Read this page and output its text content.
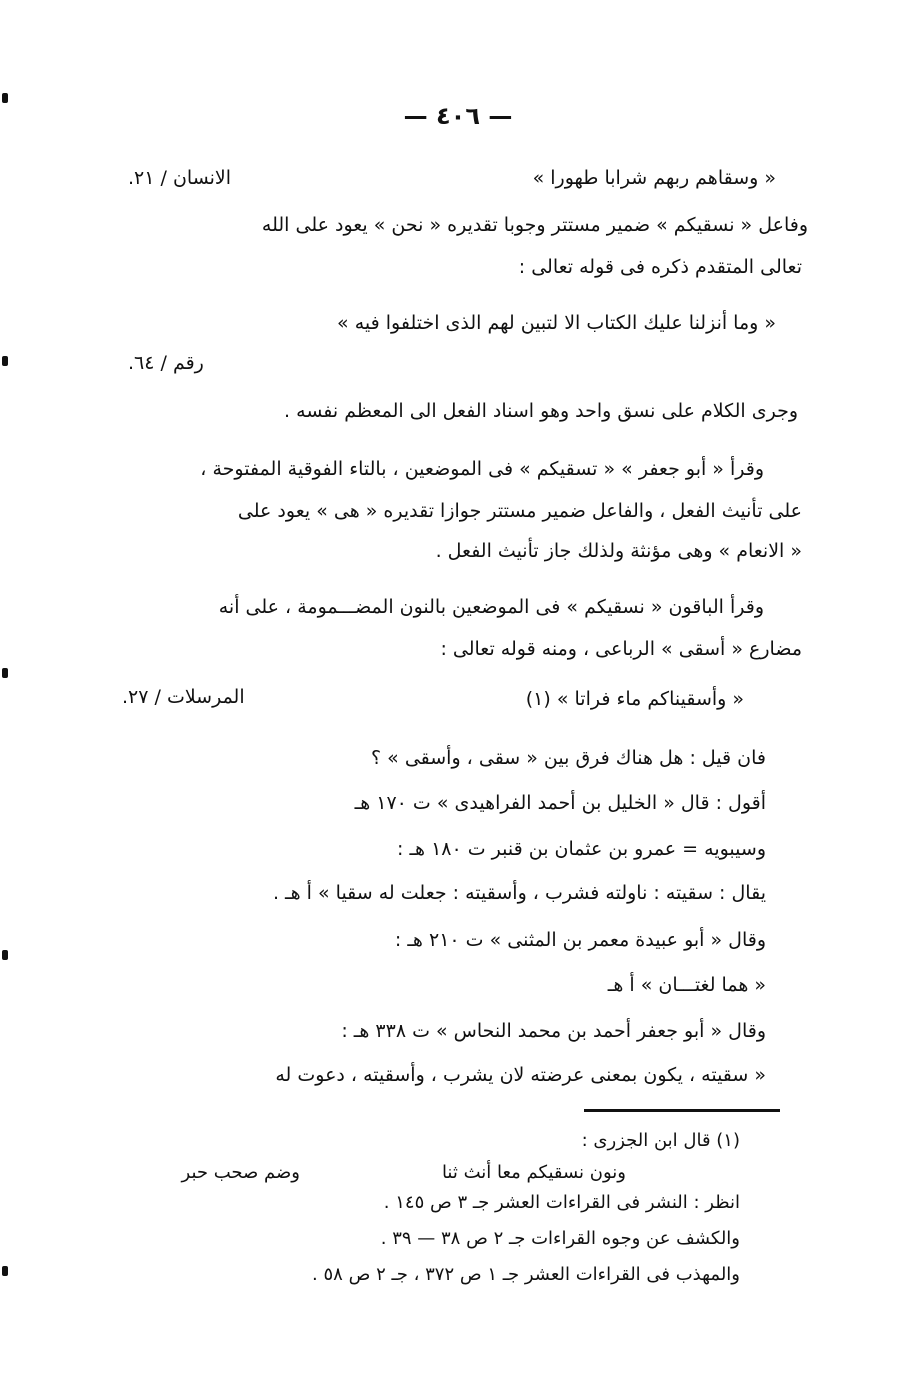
— ٤٠٦ —
« وسقاهم ربهم شرابا طهورا »
الانسان / ٢١.
وفاعل « نسقيكم » ضمير مستتر وجوبا تقديره « نحن » يعود على الله
تعالى المتقدم ذكره فى قوله تعالى :
« وما أنزلنا عليك الكتاب الا لتبين لهم الذى اختلفوا فيه »
رقم / ٦٤.
وجرى الكلام على نسق واحد وهو اسناد الفعل الى المعظم نفسه .
وقرأ « أبو جعفر » « تسقيكم » فى الموضعين ، بالتاء الفوقية المفتوحة ،
على تأنيث الفعل ، والفاعل ضمير مستتر جوازا تقديره « هى » يعود على
« الانعام » وهى مؤنثة ولذلك جاز تأنيث الفعل .
وقرأ الباقون « نسقيكم » فى الموضعين بالنون المضـــمومة ، على أنه
مضارع « أسقى » الرباعى ، ومنه قوله تعالى :
« وأسقيناكم ماء فراتا » (١)
المرسلات / ٢٧.
فان قيل : هل هناك فرق بين « سقى ، وأسقى » ؟
أقول : قال « الخليل بن أحمد الفراهيدى » ت ١٧٠ هـ
وسيبويه = عمرو بن عثمان بن قنبر ت ١٨٠ هـ :
يقال : سقيته : ناولته فشرب ، وأسقيته : جعلت له سقيا » أ هـ .
وقال « أبو عبيدة معمر بن المثنى » ت ٢١٠ هـ :
« هما لغتـــان » أ هـ
وقال « أبو جعفر أحمد بن محمد النحاس » ت ٣٣٨ هـ :
« سقيته ، يكون بمعنى عرضته لان يشرب ، وأسقيته ، دعوت له
(١) قال ابن الجزرى :
ونون نسقيكم معا أنث ثنا
وضم صحب حبر
انظر : النشر فى القراءات العشر جـ ٣ ص ١٤٥ .
والكشف عن وجوه القراءات جـ ٢ ص ٣٨ — ٣٩ .
والمهذب فى القراءات العشر جـ ١ ص ٣٧٢ ، جـ ٢ ص ٥٨ .
